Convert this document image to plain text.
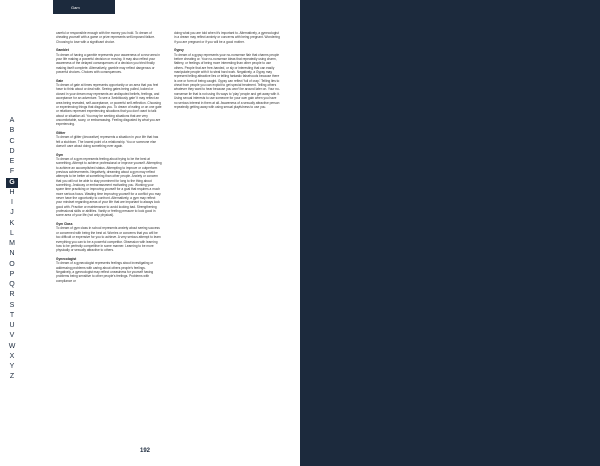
Gam
A
B
C
D
E
F
G
H
I
J
K
L
M
N
O
P
Q
R
S
T
U
V
W
X
Y
Z
careful or responsible enough with the money you hold. To dream of cheating yourself with a game or prize represents self-imposed failure. Choosing to lose with a significant choice.
Gamblet
To dream of having a gamble represents your awareness of a new area in your life making a powerful decision or moving. It may also reflect your awareness of the delayed consequences of a decision you tried finally making itself complete. Alternatively, gamble may reflect dangerous or powerful choices. Choices with consequences.
Gate
To dream of gate at times represents opportunity or an area that you feel have to think about or deal with. Seeing gates being pulled, locked or closed in your dream may represents an undisputed beliefs, feelings, and acceptance for an adventure. To see a 'Ambitiously gate' it may reflect an area being revealed, self-acceptance, or powerful self-reflection. Choosing or experiencing things that disgusts you. To dream of eating or on one gate or relations represent experiencing situations that you don't want to talk about or situation all. You may be seeking situations that are very uncomfortable, scary, or embarrassing. Feeling disgusted by what you are experiencing.
Glitter
To dream of glitter (decorative) represents a situation in your life that has felt a stubborn. The lowest point of a relationship. You or someone else doesn't care about doing something ever again.
Gym
To dream of a gym represents feeling about trying to be the best at something. Attempt to achieve professional or improve yourself. Attempting to achieve an accomplished status. Attempting to improve or outperform previous achievements. Negatively, dreaming about a gym may reflect attempts to be better at something than other people. Anxiety or concern that you will not be able to stay prominent for long to the thing about something. Jealousy or embarrassment motivating you. Working your spare time practicing or improving yourself for a goal that requires a much more serious focus. Wasting time improving yourself for a conflict you may never have the opportunity to confront. Alternatively, a gym may reflect your mindset regarding areas of your life that are important to always look good with. Practice or maintenance to avoid looking bad. Strengthening professional skills or abilities. Vanity or feeling pressure to look good in some area of your life (not only physical).
Gym Class
To dream of gym class in school represents anxiety about seeing success or concerned with being the best at. Worries or concerns that you will be too difficult or expensive for you to achieve. A very serious attempt to learn everything you can to be a powerful competitor. Obsession with learning how to be perfectly competitive in some manner. Learning to be more physically or sexually attractive to others.
Gynecologist
To dream of a gynecologist represents feelings about investigating or addressing problems with caring about others people's feelings. Negatively, a gynecologist may reflect uneasiness for yourself having problems being sensitive to other people's feelings. Problems with compliance or
doing what you are told when it's important to. Alternatively, a gynecologist in a dream may reflect anxiety or concerns with being pregnant. Wondering if you are pregnant or if you will be a good mother.
Gypsy
To dream of a gypsy represents your no-nonsense flair that charms people before cheating or. Your no-nonsense ideas that repeatedly using charm, flattery, or feelings of being more interesting than other people to use others. People that are free-handed, or sly or interesting that can easily manipulate people with it to steal hard work. Negatively, a Gypsy may represent telling attractive lies or telling fantastic falsehoods because there is one or form of being caught. Gypsy can reflect 'full of crap.' Telling lies to cheat from people you can exploit to get special treatment. Telling others whatever they want to hear because you won't be around later on. Your no-nonsense lie that is not using it's ways to 'play' people and get away with it. Using sexual interests to use someone for your own gain when you have no serious interest in them at all. Awareness of a sexually attractive person repeatedly getting away with using sexual playfulness to use you.
192
